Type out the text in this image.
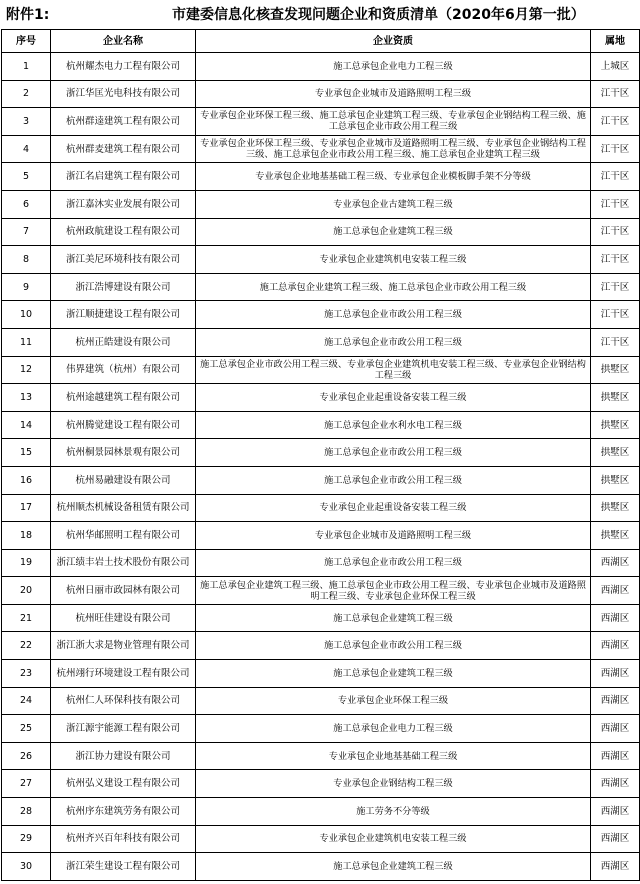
附件1:	市建委信息化核查发现问题企业和资质清单（2020年6月第一批）
序号	企业名称	企业资质	属地
1	杭州耀杰电力工程有限公司	施工总承包企业电力工程三级	上城区
2	浙江华匡光电科技有限公司	专业承包企业城市及道路照明工程三级	江干区
3	杭州群逵建筑工程有限公司	专业承包企业环保工程三级、施工总承包企业建筑工程三级、专业承包企业钢结构工程三级、施工总承包企业市政公用工程三级	江干区
4	杭州群麦建筑工程有限公司	专业承包企业环保工程三级、专业承包企业城市及道路照明工程三级、专业承包企业钢结构工程三级、施工总承包企业市政公用工程三级、施工总承包企业建筑工程三级	江干区
5	浙江名启建筑工程有限公司	专业承包企业地基基础工程三级、专业承包企业模板脚手架不分等级	江干区
6	浙江嘉沐实业发展有限公司	专业承包企业古建筑工程三级	江干区
7	杭州政航建设工程有限公司	施工总承包企业建筑工程三级	江干区
8	浙江美尼环境科技有限公司	专业承包企业建筑机电安装工程三级	江干区
9	浙江浩博建设有限公司	施工总承包企业建筑工程三级、施工总承包企业市政公用工程三级	江干区
10	浙江顺捷建设工程有限公司	施工总承包企业市政公用工程三级	江干区
11	杭州正皓建设有限公司	施工总承包企业市政公用工程三级	江干区
12	伟界建筑（杭州）有限公司	施工总承包企业市政公用工程三级、专业承包企业建筑机电安装工程三级、专业承包企业钢结构工程三级	拱墅区
13	杭州途越建筑工程有限公司	专业承包企业起重设备安装工程三级	拱墅区
14	杭州腾觉建设工程有限公司	施工总承包企业水利水电工程三级	拱墅区
15	杭州桐景园林景观有限公司	施工总承包企业市政公用工程三级	拱墅区
16	杭州易融建设有限公司	施工总承包企业市政公用工程三级	拱墅区
17	杭州顺杰机械设备租赁有限公司	专业承包企业起重设备安装工程三级	拱墅区
18	杭州华邮照明工程有限公司	专业承包企业城市及道路照明工程三级	拱墅区
19	浙江绩丰岩土技术股份有限公司	施工总承包企业市政公用工程三级	西湖区
20	杭州日丽市政园林有限公司	施工总承包企业建筑工程三级、施工总承包企业市政公用工程三级、专业承包企业城市及道路照明工程三级、专业承包企业环保工程三级	西湖区
21	杭州旺佳建设有限公司	施工总承包企业建筑工程三级	西湖区
22	浙江浙大求是物业管理有限公司	施工总承包企业市政公用工程三级	西湖区
23	杭州翊行环境建设工程有限公司	施工总承包企业建筑工程三级	西湖区
24	杭州仁人环保科技有限公司	专业承包企业环保工程三级	西湖区
25	浙江源宇能源工程有限公司	施工总承包企业电力工程三级	西湖区
26	浙江协力建设有限公司	专业承包企业地基基础工程三级	西湖区
27	杭州弘义建设工程有限公司	专业承包企业钢结构工程三级	西湖区
28	杭州序东建筑劳务有限公司	施工劳务不分等级	西湖区
29	杭州齐兴百年科技有限公司	专业承包企业建筑机电安装工程三级	西湖区
30	浙江荣生建设工程有限公司	施工总承包企业建筑工程三级	西湖区
